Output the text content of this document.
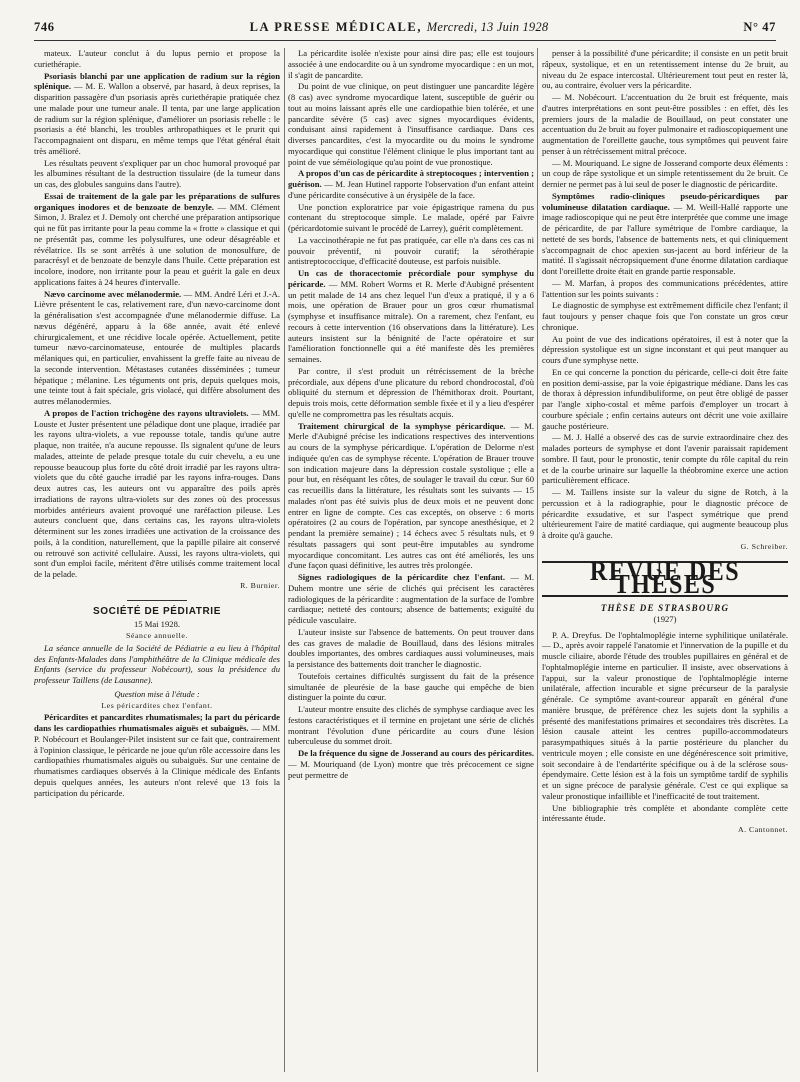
746	LA PRESSE MÉDICALE, Mercredi, 13 Juin 1928	N° 47

mateux. L'auteur conclut à du lupus pernio et propose la curiethérapie.

Psoriasis blanchi par une application de radium sur la région splénique. — M. E. Wallon a observé, par hasard, à deux reprises, la disparition passagère d'un psoriasis après curiethérapie pratiquée chez une malade pour une tumeur anale. Il tenta, par une large application de radium sur la région splénique, d'améliorer un psoriasis rebelle : le psoriasis a été blanchi, les troubles arthropathiques et le prurit qui l'accompagnaient ont disparu, en même temps que l'état général était très amélioré.

Les résultats peuvent s'expliquer par un choc humoral provoqué par les albumines résultant de la destruction tissulaire (de la tumeur dans un cas, des globules sanguins dans l'autre).

Essai de traitement de la gale par les préparations de sulfures organiques inodores et de benzoate de benzyle. — MM. Clément Simon, J. Bralez et J. Demoly ont cherché une préparation antipsorique qui ne fût pas irritante pour la peau comme la « frotte » classique et qui ne présentât pas, comme les polysulfures, une odeur désagréable et révélatrice. Ils se sont arrêtés à une solution de monosulfure, de paracrésyl et de benzoate de benzyle dans l'huile. Cette préparation est incolore, inodore, non irritante pour la peau et guérit la gale en deux applications faites à 24 heures d'intervalle.

Nævo carcinome avec mélanodermie. — MM. André Léri et J.-A. Lièvre présentent le cas, relativement rare, d'un nævo-carcinome dont la généralisation s'est accompagnée d'une mélanodermie diffuse. La nævus dégénéré, apparu à la 68e année, avait été enlevé chirurgicalement, et une récidive locale opérée. Actuellement, petite tumeur nævo-carcinomateuse, entourée de multiples placards mélaniques qui, en particulier, envahissent la greffe faite au niveau de la seconde intervention. Métastases cutanées disséminées ; tumeur hépatique ; mélanine. Les téguments ont pris, depuis quelques mois, une teinte tout à fait spéciale, gris violacé, qui diffère absolument des autres mélanodermies.

A propos de l'action trichogène des rayons ultraviolets. — MM. Louste et Juster présentent une péladique dont une plaque, irradiée par les rayons ultra-violets, a vue repousse totale, tandis qu'une autre plaque, non traitée, n'a aucune repousse. Ils signalent qu'une de leurs malades, atteinte de pelade presque totale du cuir chevelu, a eu une repousse beaucoup plus forte du côté droit irradié par les rayons ultra-violets que du côté gauche irradié par les rayons infra-rouges. Dans deux autres cas, les auteurs ont vu apparaître des poils après irradiations de rayons ultra-violets sur des zones où des processus morbides antérieurs avaient provoqué une raréfaction pileuse. Les auteurs concluent que, dans certains cas, les rayons ultra-violets déterminent sur les zones irradiées une activation de la croissance des poils, à la condition, naturellement, que la papille pilaire ait conservé ou retrouvé son activité cellulaire. Aussi, les rayons ultra-violets, qui sont d'un emploi facile, méritent d'être utilisés comme traitement local de la pelade.

R. Burnier.
SOCIÉTÉ DE PÉDIATRIE

15 Mai 1928.

Séance annuelle.

La séance annuelle de la Société de Pédiatrie a eu lieu à l'hôpital des Enfants-Malades dans l'amphithéâtre de la Clinique médicale des Enfants (service du professeur Nobécourt), sous la présidence du professeur Taillens (de Lausanne).

Question mise à l'étude :

Les péricardites chez l'enfant.

Péricardites et pancardites rhumatismales; la part du péricarde dans les cardiopathies rhumatismales aiguës et subaiguës. — MM. P. Nobécourt et Boulanger-Pilet insistent sur ce fait que, contrairement à l'opinion classique, le péricarde ne joue qu'un rôle accessoire dans les cardiopathies rhumatismales aiguës ou subaiguës. Sur une centaine de rhumatismes cardiaques observés à la Clinique médicale des Enfants depuis quelques années, les auteurs n'ont relevé que 13 fois la participation du péricarde.

La péricardite isolée n'existe pour ainsi dire pas; elle est toujours associée à une endocardite ou à un syndrome myocardique : en un mot, il s'agit de pancardite.

Du point de vue clinique, on peut distinguer une pancardite légère (8 cas) avec syndrome myocardique latent, susceptible de guérir ou tout au moins laissant après elle une cardiopathie bien tolérée, et une pancardite sévère (5 cas) avec signes myocardiques évidents, conduisant ainsi rapidement à l'insuffisance cardiaque. Dans ces diverses pancardites, c'est la myocardite ou du moins le syndrome myocardique qui constitue l'élément clinique le plus important tant au point de vue séméiologique qu'au point de vue pronostique.

A propos d'un cas de péricardite à streptocoques ; intervention ; guérison. — M. Jean Hutinel rapporte l'observation d'un enfant atteint d'une péricardite consécutive à un érysipèle de la face.

Une ponction exploratrice par voie épigastrique ramena du pus contenant du streptocoque simple. Le malade, opéré par Faivre (péricardotomie suivant le procédé de Larrey), guérit complètement.

La vaccinothérapie ne fut pas pratiquée, car elle n'a dans ces cas ni pouvoir préventif, ni pouvoir curatif; la sérothérapie antistreptococcique, d'efficacité douteuse, est parfois nuisible.

Un cas de thoracectomie précordiale pour symphyse du péricarde. — MM. Robert Worms et R. Merle d'Aubigné présentent un petit malade de 14 ans chez lequel l'un d'eux a pratiqué, il y a 6 mois, une opération de Brauer pour un gros cœur rhumatismal (symphyse et insuffisance mitrale). On a rarement, chez l'enfant, eu recours à cette intervention (16 observations dans la littérature). Les auteurs insistent sur la bénignité de l'acte opératoire et sur l'amélioration fonctionnelle qui a été manifeste dès les premières semaines.

Par contre, il s'est produit un rétrécissement de la brèche précordiale, aux dépens d'une plicature du rebord chondrocostal, d'où obliquité du sternum et dépression de l'hémithorax droit. Pourtant, depuis trois mois, cette déformation semble fixée et il y a lieu d'espérer qu'elle ne compromettra pas les résultats acquis.

Traitement chirurgical de la symphyse péricardique. — M. Merle d'Aubigné précise les indications respectives des interventions au cours de la symphyse péricardique. L'opération de Delorme n'est indiquée qu'en cas de symphyse récente. L'opération de Brauer trouve son indication majeure dans la dépression costale systolique ; elle a pour but, en réséquant les côtes, de soulager le travail du cœur. Sur 60 cas recueillis dans la littérature, les résultats sont les suivants — 15 malades n'ont pas été suivis plus de deux mois et ne peuvent donc entrer en ligne de compte. Ces cas exceptés, on observe : 6 morts opératoires (2 au cours de l'opération, par syncope anesthésique, et 2 pendant la première semaine) ; 14 échecs avec 5 résultats nuls, et 9 résultats passagers qui sont peut-être imputables au syndrome myocardique concomitant. Les autres cas ont été améliorés, les uns d'une façon quasi définitive, les autres très prolongée.

Signes radiologiques de la péricardite chez l'enfant. — M. Duhem montre une série de clichés qui précisent les caractères radiologiques de la péricardite : augmentation de la surface de l'ombre cardiaque; netteté des contours; absence de battements; exiguïté du pédicule vasculaire.

L'auteur insiste sur l'absence de battements. On peut trouver dans des cas graves de maladie de Bouillaud, dans des lésions mitrales doubles importantes, des ombres cardiaques aussi volumineuses, mais la persistance des battements doit trancher le diagnostic.

Toutefois certaines difficultés surgissent du fait de la présence simultanée de pleurésie de la base gauche qui empêche de bien distinguer la pointe du cœur.

L'auteur montre ensuite des clichés de symphyse cardiaque avec les festons caractéristiques et il termine en projetant une série de clichés montrant l'évolution d'une péricardite au cours d'une lésion tuberculeuse du sommet droit.

De la fréquence du signe de Josserand au cours des péricardites. — M. Mouriquand (de Lyon) montre que très précocement ce signe peut permettre de

penser à la possibilité d'une péricardite; il consiste en un petit bruit râpeux, systolique, et en un retentissement intense du 2e bruit, au niveau du 2e espace intercostal. Ultérieurement tout peut en rester là, ou, au contraire, évoluer vers la péricardite.

— M. Nobécourt. L'accentuation du 2e bruit est fréquente, mais d'autres interprétations en sont peut-être possibles : en effet, dès les premiers jours de la maladie de Bouillaud, on peut constater une accentuation du 2e bruit au foyer pulmonaire et radioscopiquement une augmentation de l'oreillette gauche, tous symptômes qui peuvent faire penser à un rétrécissement mitral précoce.

— M. Mouriquand. Le signe de Josserand comporte deux éléments : un coup de râpe systolique et un simple retentissement du 2e bruit. Ce dernier ne permet pas à lui seul de poser le diagnostic de péricardite.

Symptômes radio-cliniques pseudo-péricardiques par volumineuse dilatation cardiaque. — M. Weill-Hallé rapporte une image radioscopique qui ne peut être interprétée que comme une image de péricardite, de par l'allure symétrique de l'ombre cardiaque, la netteté de ses bords, l'absence de battements nets, et qui cliniquement s'accompagnait de choc apexien sus-jacent au bord inférieur de la matité. Il s'agissait nécropsiquement d'une énorme dilatation cardiaque dont l'oreillette droite était en grande partie responsable.

— M. Marfan, à propos des communications précédentes, attire l'attention sur les points suivants :

Le diagnostic de symphyse est extrêmement difficile chez l'enfant; il faut toujours y penser chaque fois que l'on constate un gros cœur chronique.

Au point de vue des indications opératoires, il est à noter que la dépression systolique est un signe inconstant et qui peut manquer au cours d'une symphyse nette.

En ce qui concerne la ponction du péricarde, celle-ci doit être faite en position demi-assise, par la voie épigastrique médiane. Dans les cas de thorax à dépression infundibuliforme, on peut être obligé de passer par l'angle xipho-costal et même parfois d'employer un trocart à courbure spéciale ; enfin certains auteurs ont décrit une voie axillaire gauche postérieure.

— M. J. Hallé a observé des cas de survie extraordinaire chez des malades porteurs de symphyse et dont l'avenir paraissait rapidement sombre. Il faut, pour le pronostic, tenir compte du rôle capital du rein et de la courbe urinaire sur laquelle la théobromine exerce une action particulièrement efficace.

— M. Taillens insiste sur la valeur du signe de Rotch, à la percussion et à la radiographie, pour le diagnostic précoce de péricardite exsudative, et sur l'aspect symétrique que prend ultérieurement l'aire de matité cardiaque, qui augmente beaucoup plus à droite qu'à gauche.

G. Schreiber.
REVUE DES THÈSES
THÈSE DE STRASBOURG
(1927)

P. A. Dreyfus. De l'ophtalmoplégie interne syphilitique unilatérale. — D., après avoir rappelé l'anatomie et l'innervation de la pupille et du muscle ciliaire, aborde l'étude des troubles pupillaires en général et de l'ophtalmoplégie interne en particulier. Il insiste, avec observations à l'appui, sur la valeur pronostique de l'ophtalmoplégie interne unilatérale, affection incurable et signe précurseur de la paralysie générale. Ce symptôme avant-coureur apparaît en général d'une manière brusque, de préférence chez les sujets dont la syphilis a présenté des manifestations primaires et secondaires très discrètes. La lésion causale atteint les centres pupillo-accommodateurs parasympathiques situés à la partie postérieure du plancher du ventricule moyen ; elle consiste en une dégénérescence soit primitive, soit secondaire à de l'endartérite spécifique ou à de la sclérose sous-épendymaire. Cette lésion est à la fois un symptôme tardif de syphilis et un signe précoce de paralysie générale. C'est ce qui explique sa valeur pronostique infaillible et l'inefficacité de tout traitement.

Une bibliographie très complète et abondante complète cette intéressante étude.

A. Cantonnet.
